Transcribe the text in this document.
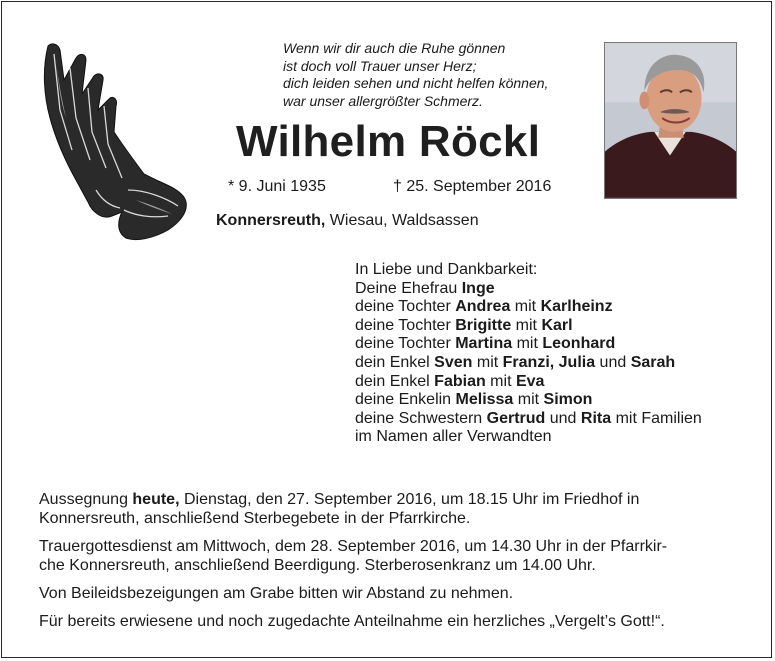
Wenn wir dir auch die Ruhe gönnen
ist doch voll Trauer unser Herz;
dich leiden sehen und nicht helfen können,
war unser allergrößter Schmerz.
Wilhelm Röckl
* 9. Juni 1935	† 25. September 2016
Konnersreuth, Wiesau, Waldsassen
In Liebe und Dankbarkeit:
Deine Ehefrau Inge
deine Tochter Andrea mit Karlheinz
deine Tochter Brigitte mit Karl
deine Tochter Martina mit Leonhard
dein Enkel Sven mit Franzi, Julia und Sarah
dein Enkel Fabian mit Eva
deine Enkelin Melissa mit Simon
deine Schwestern Gertrud und Rita mit Familien
im Namen aller Verwandten

Aussegnung heute, Dienstag, den 27. September 2016, um 18.15 Uhr im Friedhof in
Konnersreuth, anschließend Sterbegebete in der Pfarrkirche.

Trauergottesdienst am Mittwoch, dem 28. September 2016, um 14.30 Uhr in der Pfarrkir-
che Konnersreuth, anschließend Beerdigung. Sterberosenkranz um 14.00 Uhr.

Von Beileidsbezeigungen am Grabe bitten wir Abstand zu nehmen.

Für bereits erwiesene und noch zugedachte Anteilnahme ein herzliches „Vergelt’s Gott!“.
